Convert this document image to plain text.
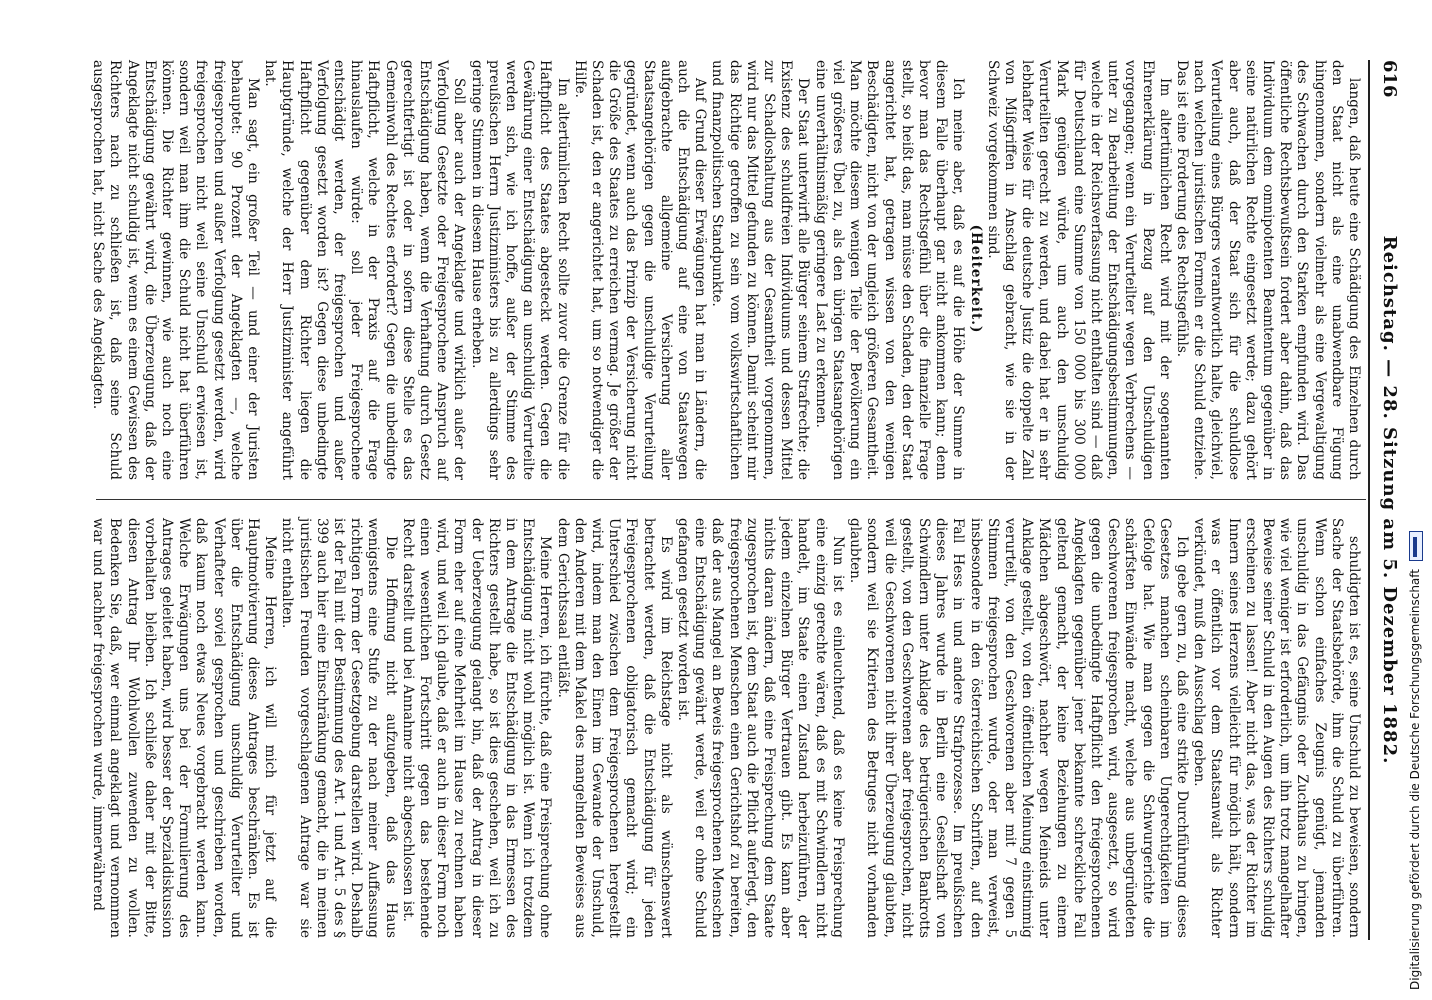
616
Reichstag. — 28. Sitzung am 5. Dezember 1882.

langen, daß heute eine Schädigung des Einzelnen durch den Staat nicht als eine unabwendbare Fügung hingenommen, sondern vielmehr als eine Vergewaltigung des Schwachen durch den Starken empfunden wird. Das öffentliche Rechtsbewußtsein fordert aber dahin, daß das Individuum dem omnipotenten Beamtentum gegenüber in seine natürlichen Rechte eingesetzt werde; dazu gehört aber auch, daß der Staat sich für die schuldlose Verurteilung eines Bürgers verantwortlich halte, gleichviel, nach welchen juristischen Formeln er die Schuld entziehe. Das ist eine Forderung des Rechtsgefühls.

Im altertümlichen Recht wird mit der sogenannten Ehrenerklärung in Bezug auf den Unschuldigen vorgegangen; wenn ein Verurteilter wegen Verbrechens — unter zu Bearbeitung der Entschädigungsbestimmungen, welche in der Reichsverfassung nicht enthalten sind — daß für Deutschland eine Summe von 150 000 bis 300 000 Mark genügen würde, um auch den unschuldig Verurteilten gerecht zu werden, und dabei hat er in sehr lebhafter Weise für die deutsche Justiz die doppelte Zahl von Mißgriffen in Anschlag gebracht, wie sie in der Schweiz vorgekommen sind.

(Heiterkeit.)

Ich meine aber, daß es auf die Höhe der Summe in diesem Falle überhaupt gar nicht ankommen kann; denn bevor man das Rechtsgefühl über die finanzielle Frage stellt, so heißt das, man müsse den Schaden, den der Staat angerichtet hat, getragen wissen von den wenigen Beschädigten, nicht von der ungleich größeren Gesamtheit. Man möchte diesem wenigen Teile der Bevölkerung ein viel größeres Übel zu, als den übrigen Staatsangehörigen eine unverhältnismäßig geringere Last zu erkennen.

Der Staat unterwirft alle Bürger seinem Strafrechte; die Existenz des schuldfreien Individuums und dessen Mittel zur Schadloshaltung aus der Gesamtheit vorgenommen, wird nur das Mittel gefunden zu können. Damit scheint mir das Richtige getroffen zu sein vom volkswirtschaftlichen und finanzpolitischen Standpunkte.

Auf Grund dieser Erwägungen hat man in Ländern, die auch die Entschädigung auf eine von Staatswegen aufgebrachte allgemeine Versicherung aller Staatsangehörigen gegen die unschuldige Verurteilung gegründet, wenn auch das Prinzip der Versicherung nicht die Größe des Staates zu erreichen vermag. Je größer der Schaden ist, den er angerichtet hat, um so notwendiger die Hilfe.

Im altertümlichen Recht sollte zuvor die Grenze für die Haftpflicht des Staates abgesteckt werden. Gegen die Gewährung einer Entschädigung an unschuldig Verurteilte werden sich, wie ich hoffe, außer der Stimme des preußischen Herrn Justizministers bis zu allerdings sehr geringe Stimmen in diesem Hause erheben.

Soll aber auch der Angeklagte und wirklich außer der Verfolgung Gesetzte oder Freigesprochene Anspruch auf Entschädigung haben, wenn die Verhaftung durch Gesetz gerechtfertigt ist oder in sofern diese Stelle es das Gemeinwohl des Rechtes erfordert? Gegen die unbedingte Haftpflicht, welche in der Praxis auf die Frage hinauslaufen würde: soll jeder Freigesprochene entschädigt werden, der freigesprochen und außer Verfolgung gesetzt worden ist? Gegen diese unbedingte Haftpflicht gegenüber dem Richter liegen die Hauptgründe, welche der Herr Justizminister angeführt hat.

Man sagt, ein großer Teil — und einer der Juristen behauptet: 90 Prozent der Angeklagten —, welche freigesprochen und außer Verfolgung gesetzt werden, wird freigesprochen nicht weil seine Unschuld erwiesen ist, sondern weil man ihm die Schuld nicht hat überführen können. Die Richter gewinnen, wie auch noch eine Entschädigung gewährt wird, die Überzeugung, daß der Angeklagte nicht schuldig ist, wenn es einem Gewissen des Richters nach zu schließen ist, daß seine Schuld ausgesprochen hat, nicht Sache des Angeklagten.

schuldigten ist es, seine Unschuld zu beweisen, sondern Sache der Staatsbehörde, ihm die Schuld zu überführen. Wenn schon einfaches Zeugnis genügt, jemanden unschuldig in das Gefängnis oder Zuchthaus zu bringen, wie viel weniger ist erforderlich, um ihn trotz mangelhafter Beweise seiner Schuld in den Augen des Richters schuldig erscheinen zu lassen! Aber nicht das, was der Richter im Innern seines Herzens vielleicht für möglich hält, sondern was er öffentlich vor dem Staatsanwalt als Richter verkündet, muß den Ausschlag geben.

Ich gebe gern zu, daß eine strikte Durchführung dieses Gesetzes manchen scheinbaren Ungerechtigkeiten im Gefolge hat. Wie man gegen die Schwurgerichte die schärfsten Einwände macht, welche aus unbegründeten Geschworenen freigesprochen wird, ausgesetzt, so wird gegen die unbedingte Haftpflicht den freigesprochenen Angeklagten gegenüber jener bekannte schreckliche Fall geltend gemacht, der keine Beziehungen zu einem Mädchen abgeschwört, nachher wegen Meineids unter Anklage gestellt, von den öffentlichen Meinung einstimmig verurteilt, von den Geschworenen aber mit 7 gegen 5 Stimmen freigesprochen wurde, oder man verweist, insbesondere in den österreichischen Schriften, auf den Fall Hess in und andere Strafprozesse. Im preußischen dieses Jahres wurde in Berlin eine Gesellschaft von Schwindlern unter Anklage des betrügerischen Bankrotts gestellt, von den Geschworenen aber freigesprochen, nicht weil die Geschworenen nicht ihrer Überzeugung glaubten, sondern weil sie Kriterien des Betruges nicht vorhanden glaubten.

Nun ist es einleuchtend, daß es keine Freisprechung eine einzig gerechte wären, daß es mit Schwindlern nicht handelt, im Staate einen Zustand herbeizuführen, der jedem einzelnen Bürger Vertrauen gibt. Es kann aber nichts daran ändern, daß eine Freisprechung dem Staate zugesprochen ist, dem Staat auch die Pflicht auferlegt, den freigesprochenen Menschen einen Gerichtshof zu bereiten, daß der aus Mangel an Beweis freigesprochenen Menschen eine Entschädigung gewährt werde, weil er ohne Schuld gefangen gesetzt worden ist.

Es wird im Reichstage nicht als wünschenswert betrachtet werden, daß die Entschädigung für jeden Freigesprochenen obligatorisch gemacht wird; ein Unterschied zwischen dem Freigesprochenen hergestellt wird, indem man den Einen im Gewande der Unschuld, den Anderen mit dem Makel des mangelnden Beweises aus dem Gerichtssaal entläßt.

Meine Herren, ich fürchte, daß eine Freisprechung ohne Entschädigung nicht wohl möglich ist. Wenn ich trotzdem in dem Antrage die Entschädigung in das Ermessen des Richters gestellt habe, so ist dies geschehen, weil ich zu der Ueberzeugung gelangt bin, daß der Antrag in dieser Form eher auf eine Mehrheit im Hause zu rechnen haben wird, und weil ich glaube, daß er auch in dieser Form noch einen wesentlichen Fortschritt gegen das bestehende Recht darstellt und bei Annahme nicht abgeschlossen ist.

Die Hoffnung nicht aufzugeben, daß das Haus wenigstens eine Stufe zu der nach meiner Auffassung richtigen Form der Gesetzgebung darstellen wird. Deshalb ist der Fall mit der Bestimmung des Art. 1 und Art. 5 des § 399 auch hier eine Einschränkung gemacht, die in meinen juristischen Freunden vorgeschlagenen Antrage war sie nicht enthalten.

Meine Herren, ich will mich für jetzt auf die Hauptmotivierung dieses Antrages beschränken. Es ist über die Entschädigung unschuldig Verurteilter und Verhafteter soviel gesprochen und geschrieben worden, daß kaum noch etwas Neues vorgebracht werden kann. Welche Erwägungen uns bei der Formulierung des Antrages geleitet haben, wird besser der Spezialdiskussion vorbehalten bleiben. Ich schließe daher mit der Bitte, diesen Antrag Ihr Wohlwollen zuwenden zu wollen. Bedenken Sie, daß, wer einmal angeklagt und vernommen war und nachher freigesprochen wurde, immerwährend	Digitalisierung gefördert durch die Deutsche Forschungsgemeinschaft
